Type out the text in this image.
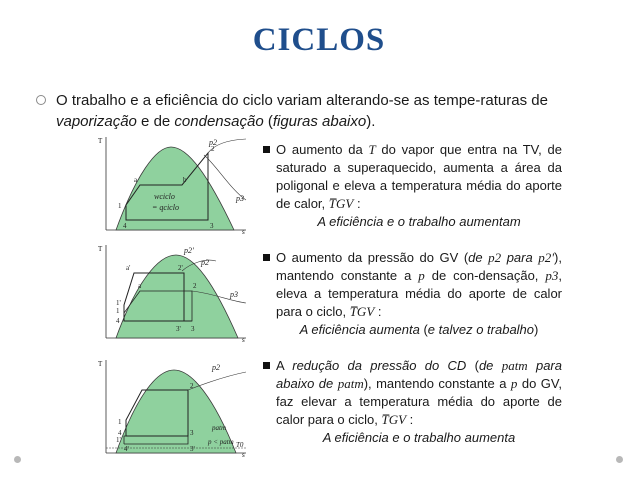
CICLOS
O trabalho e a eficiência do ciclo variam alterando-se as tempe-raturas de vaporização e de condensação (figuras abaixo).
T
s
p2
p3
1
2
3
4
a	b
wciclo
= qciclo
T
s
p2'
p2
p3
a'
a
2'
2
3' 3
1'
1
4
T
s
p2
patm
p < patm T0
1
2
3
4
1'
4'	3'
O aumento da T do vapor que entra na TV, de saturado a superaquecido, aumenta a área da poligonal e eleva a temperatura média do aporte de calor, T̅GV :
A eficiência e o trabalho aumentam
O aumento da pressão do GV (de p2 para p2'), mantendo constante a p de con-densação, p3, eleva a temperatura média do aporte de calor para o ciclo, T̅GV :
A eficiência aumenta (e talvez o trabalho)
A redução da pressão do CD (de patm para abaixo de patm), mantendo constante a p do GV, faz elevar a temperatura média do aporte de calor para o ciclo, T̅GV :
A eficiência e o trabalho aumenta
